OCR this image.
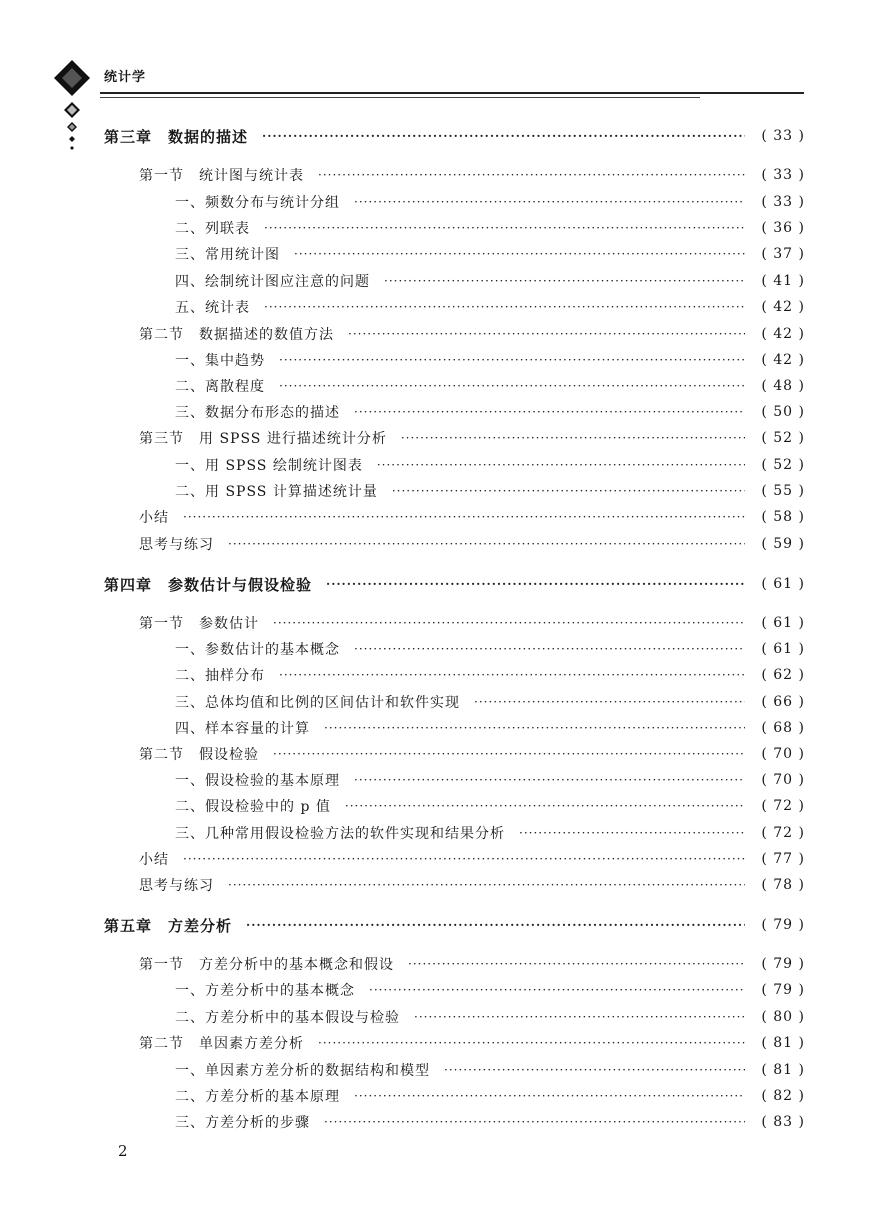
统计学
第三章　数据的描述 ·····	( 33 )
第一节　统计图与统计表 ·····	( 33 )
一、频数分布与统计分组 ·····	( 33 )
二、列联表 ·····	( 36 )
三、常用统计图 ·····	( 37 )
四、绘制统计图应注意的问题 ·····	( 41 )
五、统计表 ·····	( 42 )
第二节　数据描述的数值方法 ·····	( 42 )
一、集中趋势 ·····	( 42 )
二、离散程度 ·····	( 48 )
三、数据分布形态的描述 ·····	( 50 )
第三节　用 SPSS 进行描述统计分析 ·····	( 52 )
一、用 SPSS 绘制统计图表 ·····	( 52 )
二、用 SPSS 计算描述统计量 ·····	( 55 )
小结 ·····	( 58 )
思考与练习 ·····	( 59 )
第四章　参数估计与假设检验 ·····	( 61 )
第一节　参数估计 ·····	( 61 )
一、参数估计的基本概念 ·····	( 61 )
二、抽样分布 ·····	( 62 )
三、总体均值和比例的区间估计和软件实现 ·····	( 66 )
四、样本容量的计算 ·····	( 68 )
第二节　假设检验 ·····	( 70 )
一、假设检验的基本原理 ·····	( 70 )
二、假设检验中的 p 值 ·····	( 72 )
三、几种常用假设检验方法的软件实现和结果分析 ·····	( 72 )
小结 ·····	( 77 )
思考与练习 ·····	( 78 )
第五章　方差分析 ·····	( 79 )
第一节　方差分析中的基本概念和假设 ·····	( 79 )
一、方差分析中的基本概念 ·····	( 79 )
二、方差分析中的基本假设与检验 ·····	( 80 )
第二节　单因素方差分析 ·····	( 81 )
一、单因素方差分析的数据结构和模型 ·····	( 81 )
二、方差分析的基本原理 ·····	( 82 )
三、方差分析的步骤 ·····	( 83 )
2
